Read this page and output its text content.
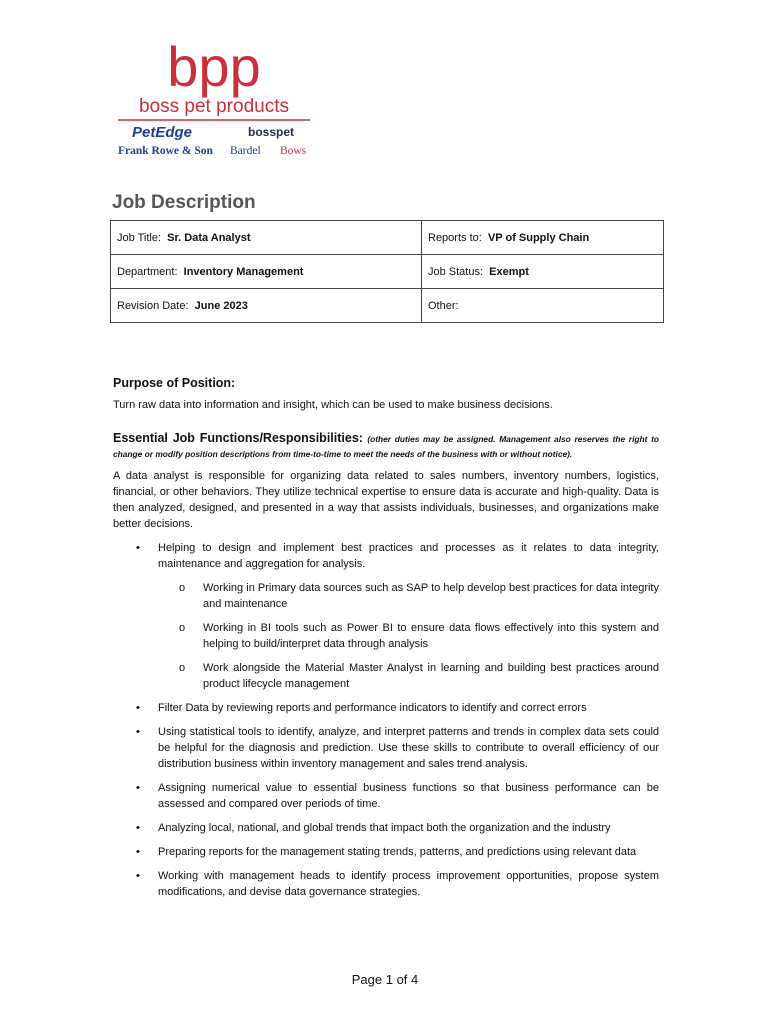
bpp
boss pet products
PetEdge	bosspet
Frank Rowe & Son Bardel Bows
Job Description
Job Title: Sr. Data Analyst	Reports to: VP of Supply Chain
Department: Inventory Management	Job Status: Exempt
Revision Date: June 2023	Other:
Purpose of Position:
Turn raw data into information and insight, which can be used to make business decisions.
Essential Job Functions/Responsibilities: (other duties may be assigned. Management also reserves the right to change or modify position descriptions from time-to-time to meet the needs of the business with or without notice).
A data analyst is responsible for organizing data related to sales numbers, inventory numbers, logistics, financial, or other behaviors. They utilize technical expertise to ensure data is accurate and high-quality. Data is then analyzed, designed, and presented in a way that assists individuals, businesses, and organizations make better decisions.
• Helping to design and implement best practices and processes as it relates to data integrity, maintenance and aggregation for analysis.
o Working in Primary data sources such as SAP to help develop best practices for data integrity and maintenance
o Working in BI tools such as Power BI to ensure data flows effectively into this system and helping to build/interpret data through analysis
o Work alongside the Material Master Analyst in learning and building best practices around product lifecycle management
• Filter Data by reviewing reports and performance indicators to identify and correct errors
• Using statistical tools to identify, analyze, and interpret patterns and trends in complex data sets could be helpful for the diagnosis and prediction. Use these skills to contribute to overall efficiency of our distribution business within inventory management and sales trend analysis.
• Assigning numerical value to essential business functions so that business performance can be assessed and compared over periods of time.
• Analyzing local, national, and global trends that impact both the organization and the industry
• Preparing reports for the management stating trends, patterns, and predictions using relevant data
• Working with management heads to identify process improvement opportunities, propose system modifications, and devise data governance strategies.
Page 1 of 4
